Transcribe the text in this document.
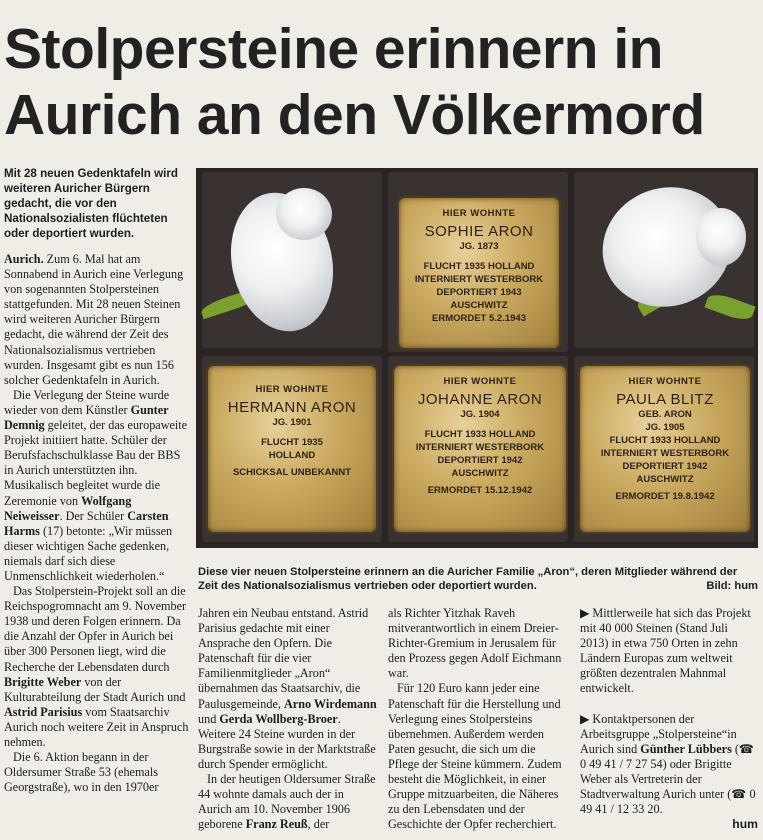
Stolpersteine erinnern in
Aurich an den Völkermord
Mit 28 neuen Gedenktafeln wird weiteren Auricher Bürgern gedacht, die vor den Nationalsozialisten flüchteten oder deportiert wurden.

Aurich. Zum 6. Mal hat am Sonnabend in Aurich eine Verlegung von sogenannten Stolpersteinen stattgefunden. Mit 28 neuen Steinen wird weiteren Auricher Bürgern gedacht, die während der Zeit des Nationalsozialismus vertrieben wurden. Insgesamt gibt es nun 156 solcher Gedenktafeln in Aurich.

Die Verlegung der Steine wurde wieder von dem Künstler Gunter Demnig geleitet, der das europaweite Projekt initiiert hatte. Schüler der Berufsfachschulklasse Bau der BBS in Aurich unterstützten ihn. Musikalisch begleitet wurde die Zeremonie von Wolfgang Neiweisser. Der Schüler Carsten Harms (17) betonte: „Wir müssen dieser wichtigen Sache gedenken, niemals darf sich diese Unmenschlichkeit wiederholen.“

Das Stolperstein-Projekt soll an die Reichspogromnacht am 9. November 1938 und deren Folgen erinnern. Da die Anzahl der Opfer in Aurich bei über 300 Personen liegt, wird die Recherche der Lebensdaten durch Brigitte Weber von der Kulturabteilung der Stadt Aurich und Astrid Parisius vom Staatsarchiv Aurich noch weitere Zeit in Anspruch nehmen.

Die 6. Aktion begann in der Oldersumer Straße 53 (ehemals Georgstraße), wo in den 1970er

HIER WOHNTE
SOPHIE ARON
JG. 1873
FLUCHT 1935 HOLLAND
INTERNIERT WESTERBORK
DEPORTIERT 1943
AUSCHWITZ
ERMORDET 5.2.1943
HIER WOHNTE
HERMANN ARON
JG. 1901
FLUCHT 1935
HOLLAND
SCHICKSAL UNBEKANNT
HIER WOHNTE
JOHANNE ARON
JG. 1904
FLUCHT 1933 HOLLAND
INTERNIERT WESTERBORK
DEPORTIERT 1942
AUSCHWITZ
ERMORDET 15.12.1942
HIER WOHNTE
PAULA BLITZ
GEB. ARON
JG. 1905
FLUCHT 1933 HOLLAND
INTERNIERT WESTERBORK
DEPORTIERT 1942
AUSCHWITZ
ERMORDET 19.8.1942
Diese vier neuen Stolpersteine erinnern an die Auricher Familie „Aron“, deren Mitglieder während der Zeit des Nationalsozialismus vertrieben oder deportiert wurden.	Bild: hum

Jahren ein Neubau entstand. Astrid Parisius gedachte mit einer Ansprache den Opfern. Die Patenschaft für die vier Familienmitglieder „Aron“ übernahmen das Staatsarchiv, die Paulusgemeinde, Arno Wirdemann und Gerda Wollberg-Broer. Weitere 24 Steine wurden in der Burgstraße sowie in der Marktstraße durch Spender ermöglicht.

In der heutigen Oldersumer Straße 44 wohnte damals auch der in Aurich am 10. November 1906 geborene Franz Reuß, der

als Richter Yitzhak Raveh mitverantwortlich in einem Dreier-Richter-Gremium in Jerusalem für den Prozess gegen Adolf Eichmann war.

Für 120 Euro kann jeder eine Patenschaft für die Herstellung und Verlegung eines Stolpersteins übernehmen. Außerdem werden Paten gesucht, die sich um die Pflege der Steine kümmern. Zudem besteht die Möglichkeit, in einer Gruppe mitzuarbeiten, die Näheres zu den Lebensdaten und der Geschichte der Opfer recherchiert.

▶ Mittlerweile hat sich das Projekt mit 40 000 Steinen (Stand Juli 2013) in etwa 750 Orten in zehn Ländern Europas zum weltweit größten dezentralen Mahnmal entwickelt.

▶ Kontaktpersonen der Arbeitsgruppe „Stolpersteine“in Aurich sind Günther Lübbers (☎ 0 49 41 / 7 27 54) oder Brigitte Weber als Vertreterin der Stadtverwaltung Aurich unter (☎ 0 49 41 / 12 33 20.

hum
